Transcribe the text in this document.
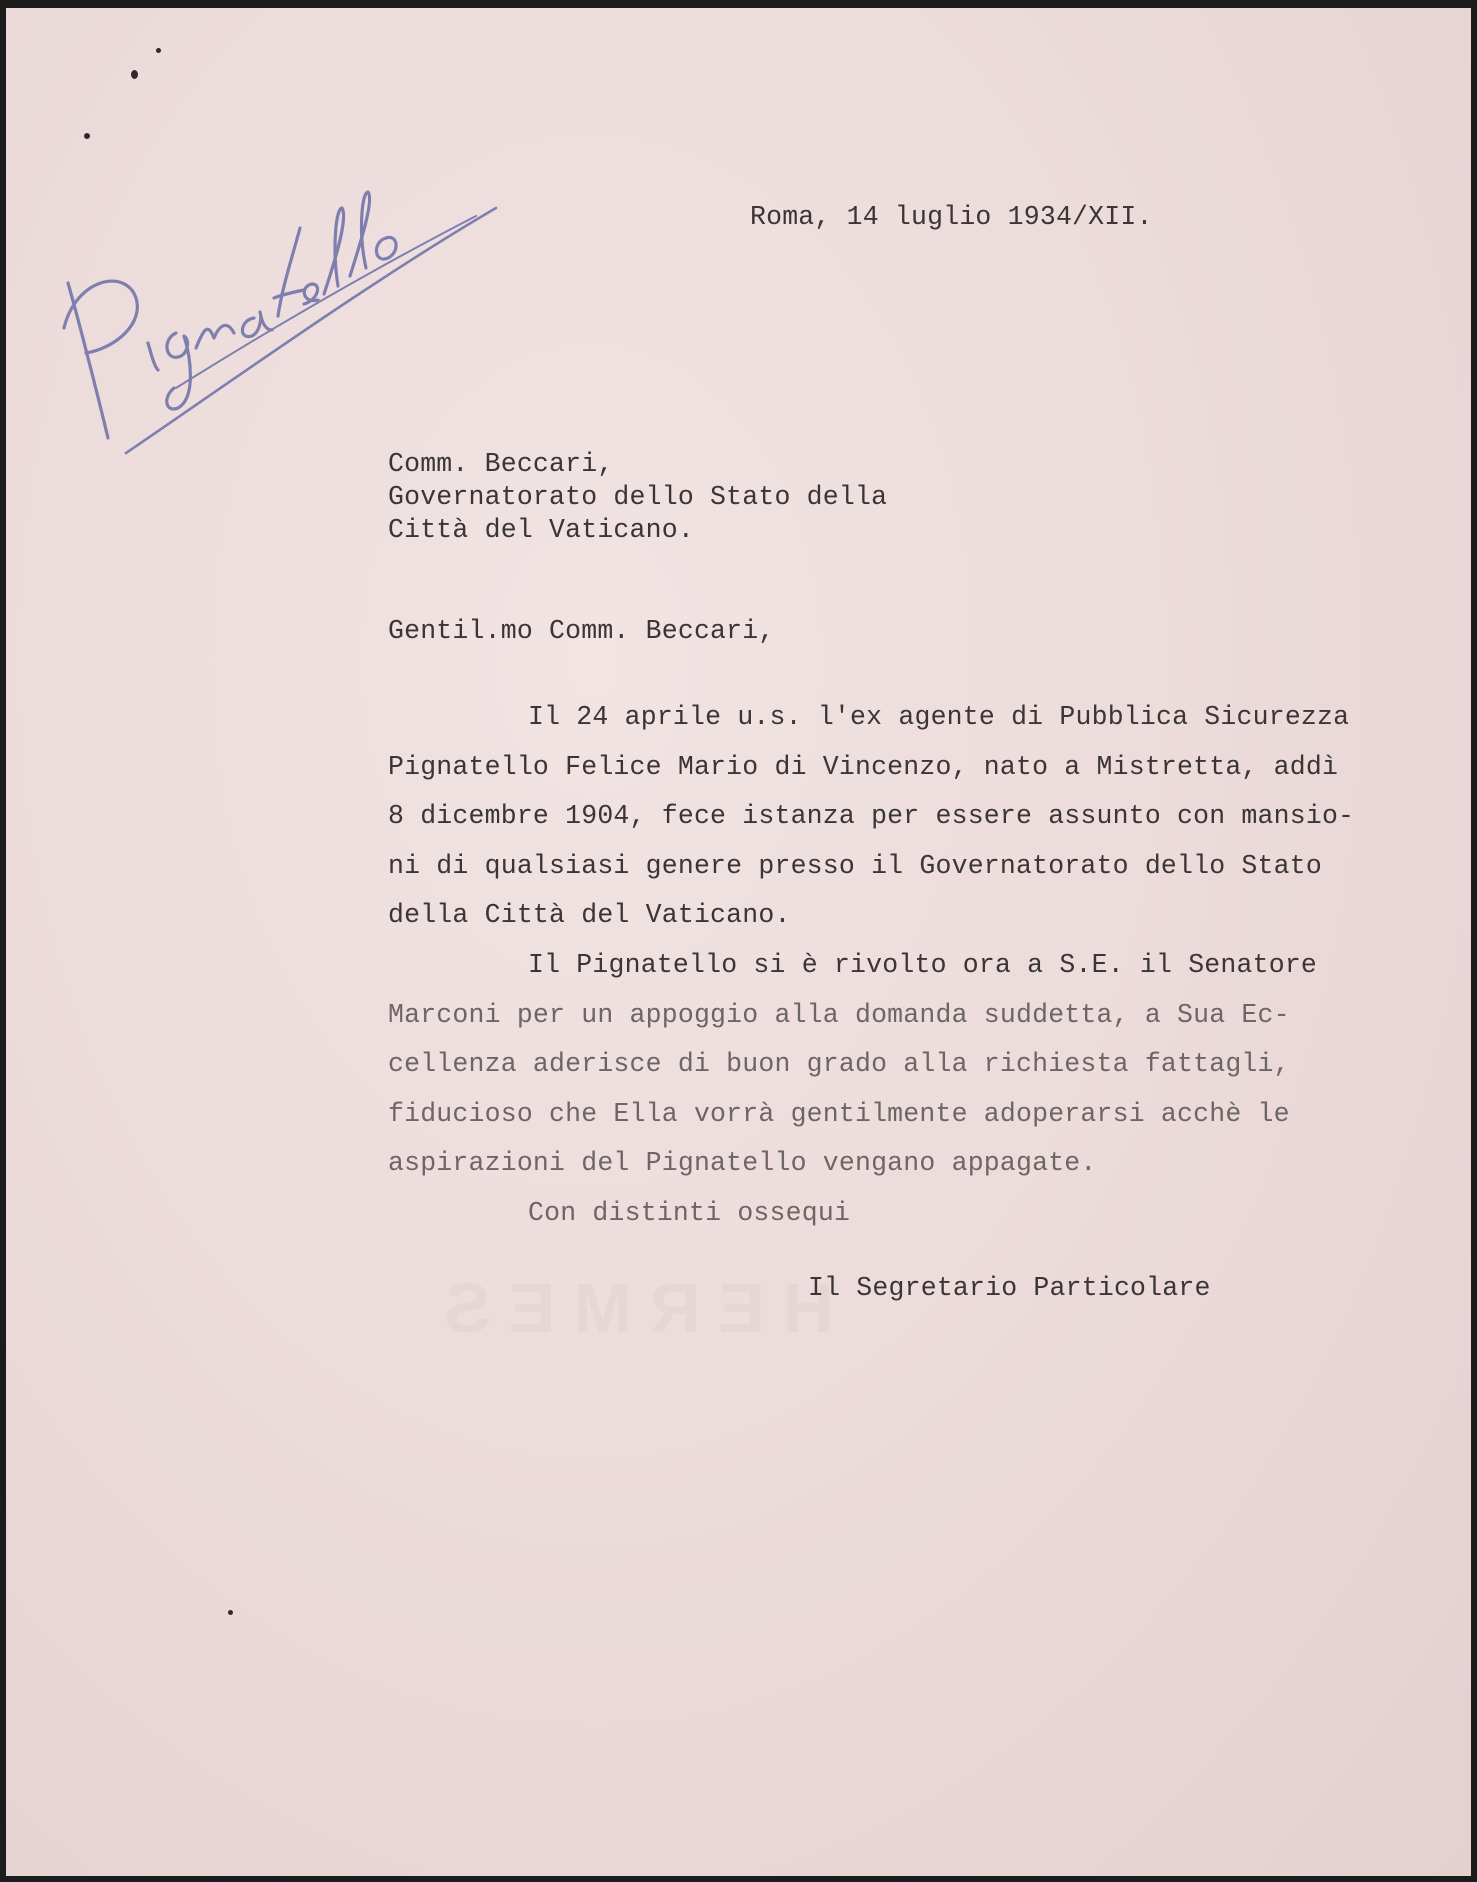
HERMES
Roma, 14 luglio 1934/XII.
Comm. Beccari,
Governatorato dello Stato della
Città del Vaticano.
Gentil.mo Comm. Beccari,
Il 24 aprile u.s. l'ex agente di Pubblica Sicurezza
Pignatello Felice Mario di Vincenzo, nato a Mistretta, addì
8 dicembre 1904, fece istanza per essere assunto con mansio-
ni di qualsiasi genere presso il Governatorato dello Stato
della Città del Vaticano.
Il Pignatello si è rivolto ora a S.E. il Senatore
Marconi per un appoggio alla domanda suddetta, a Sua Ec-
cellenza aderisce di buon grado alla richiesta fattagli,
fiducioso che Ella vorrà gentilmente adoperarsi acchè le
aspirazioni del Pignatello vengano appagate.
Con distinti ossequi
Il Segretario Particolare
